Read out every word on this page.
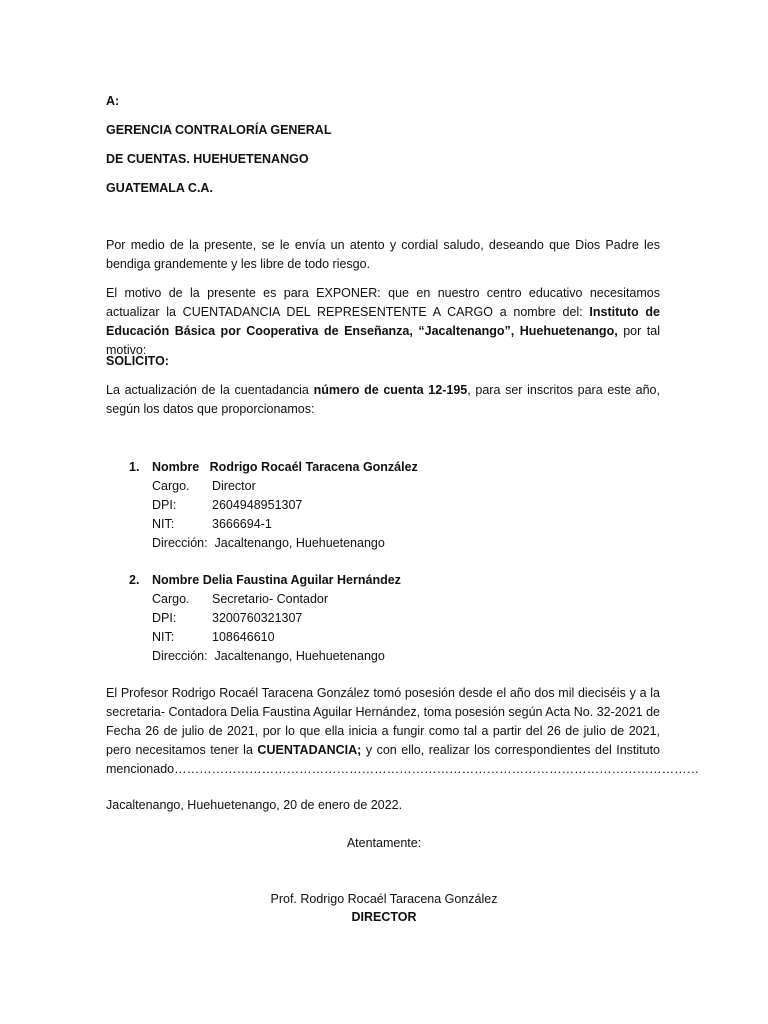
A:

GERENCIA CONTRALORÍA GENERAL

DE CUENTAS. HUEHUETENANGO

GUATEMALA C.A.

Por medio de la presente, se le envía un atento y cordial saludo, deseando que Dios Padre les bendiga grandemente y les libre de todo riesgo.

El motivo de la presente es para EXPONER: que en nuestro centro educativo necesitamos actualizar la CUENTADANCIA DEL REPRESENTENTE A CARGO a nombre del: Instituto de Educación Básica por Cooperativa de Enseñanza, “Jacaltenango”, Huehuetenango, por tal motivo:

SOLICITO:

La actualización de la cuentadancia número de cuenta 12-195, para ser inscritos para este año, según los datos que proporcionamos:

1. Nombre Rodrigo Rocaél Taracena González
Cargo. Director
DPI:	2604948951307
NIT:	3666694-1
Dirección: Jacaltenango, Huehuetenango
2. Nombre Delia Faustina Aguilar Hernández
Cargo. Secretario- Contador
DPI:	3200760321307
NIT:	108646610
Dirección: Jacaltenango, Huehuetenango

El Profesor Rodrigo Rocaél Taracena González tomó posesión desde el año dos mil dieciséis y a la secretaria- Contadora Delia Faustina Aguilar Hernández, toma posesión según Acta No. 32-2021 de Fecha 26 de julio de 2021, por lo que ella inicia a fungir como tal a partir del 26 de julio de 2021, pero necesitamos tener la CUENTADANCIA; y con ello, realizar los correspondientes del Instituto mencionado………………………………………………………………………………………………………………

Jacaltenango, Huehuetenango, 20 de enero de 2022.

Atentamente:

Prof. Rodrigo Rocaél Taracena González

DIRECTOR
